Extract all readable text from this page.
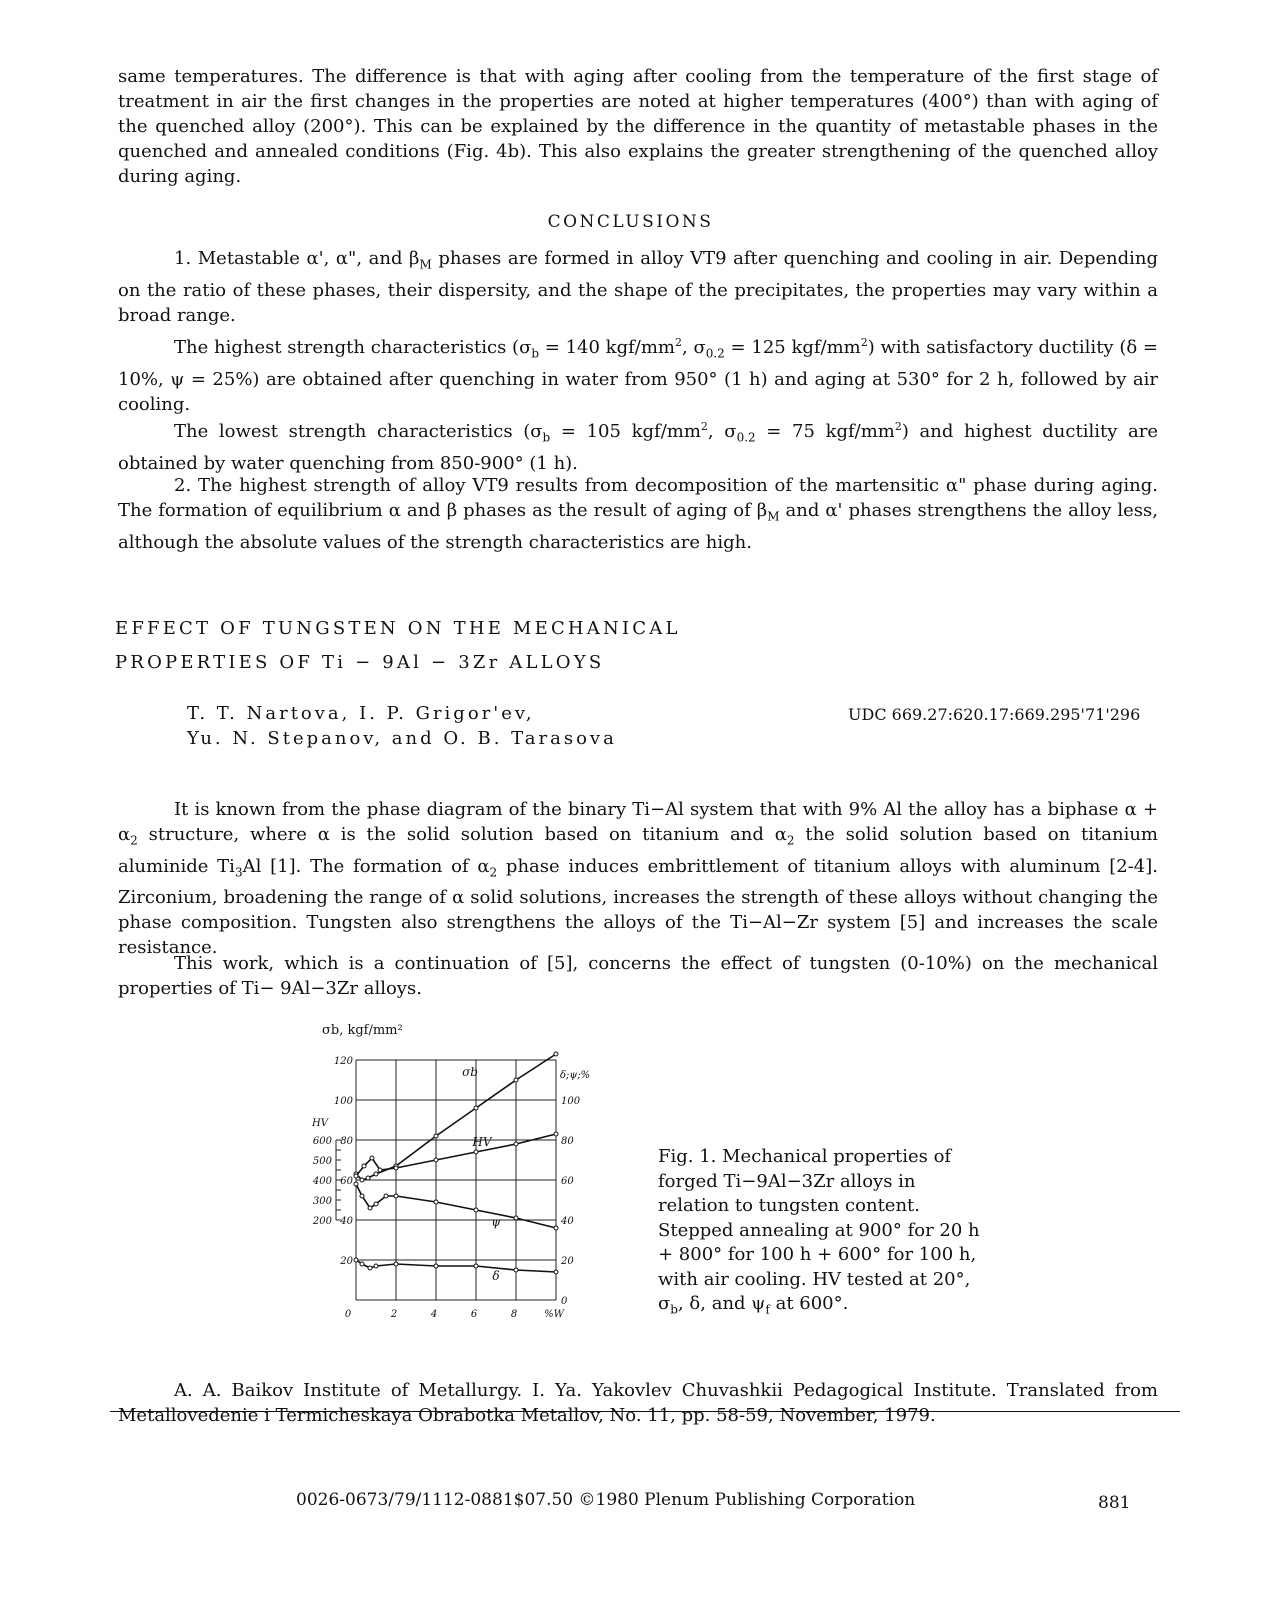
same temperatures. The difference is that with aging after cooling from the temperature of the first stage of treatment in air the first changes in the properties are noted at higher temperatures (400°) than with aging of the quenched alloy (200°). This can be explained by the difference in the quantity of metastable phases in the quenched and annealed conditions (Fig. 4b). This also explains the greater strengthening of the quenched alloy during aging.

CONCLUSIONS

1. Metastable α', α", and $\beta_M$ phases are formed in alloy VT9 after quenching and cooling in air. Depending on the ratio of these phases, their dispersity, and the shape of the precipitates, the properties may vary within a broad range.

The highest strength characteristics ($\sigma_b = 140$ kgf/$mm^2$, $\sigma_{0.2} = 125$ kgf/$mm^2$) with satisfactory ductility (δ = 10%, ψ = 25%) are obtained after quenching in water from 950° (1 h) and aging at 530° for 2 h, followed by air cooling.

The lowest strength characteristics ($\sigma_b = 105$ kgf/$mm^2$, $\sigma_{0.2} = 75$ kgf/$mm^2$) and highest ductility are obtained by water quenching from 850-900° (1 h).

2. The highest strength of alloy VT9 results from decomposition of the martensitic α" phase during aging. The formation of equilibrium α and β phases as the result of aging of $\beta_M$ and α' phases strengthens the alloy less, although the absolute values of the strength characteristics are high.

EFFECT OF TUNGSTEN ON THE MECHANICAL
PROPERTIES OF Ti − 9Al − 3Zr ALLOYS
T. T. Nartova, I. P. Grigor'ev,
Yu. N. Stepanov, and O. B. Tarasova
UDC 669.27:620.17:669.295'71'296

It is known from the phase diagram of the binary Ti−Al system that with 9% Al the alloy has a biphase $\alpha + \alpha_2$ structure, where α is the solid solution based on titanium and $\alpha_2$ the solid solution based on titanium aluminide $Ti_3Al$ [1]. The formation of $\alpha_2$ phase induces embrittlement of titanium alloys with aluminum [2-4]. Zirconium, broadening the range of α solid solutions, increases the strength of these alloys without changing the phase composition. Tungsten also strengthens the alloys of the Ti−Al−Zr system [5] and increases the scale resistance.

This work, which is a continuation of [5], concerns the effect of tungsten (0-10%) on the mechanical properties of Ti− 9Al−3Zr alloys.

0	2	4	6	8	%W
120
100
80
60
40
20
600
500
400
300
200
HV
100
80
60
40
20
0
δ;ψ;%
σb, kgf/mm²
σb
HV
ψ
δ
Fig. 1. Mechanical properties of forged Ti−9Al−3Zr alloys in relation to tungsten content. Stepped annealing at 900° for 20 h + 800° for 100 h + 600° for 100 h, with air cooling. HV tested at 20°, $\sigma_b$, δ, and $\psi_f$ at 600°.

A. A. Baikov Institute of Metallurgy. I. Ya. Yakovlev Chuvashkii Pedagogical Institute. Translated from Metallovedenie i Termicheskaya Obrabotka Metallov, No. 11, pp. 58-59, November, 1979.

0026-0673/79/1112-0881$07.50 ©1980 Plenum Publishing Corporation	881
